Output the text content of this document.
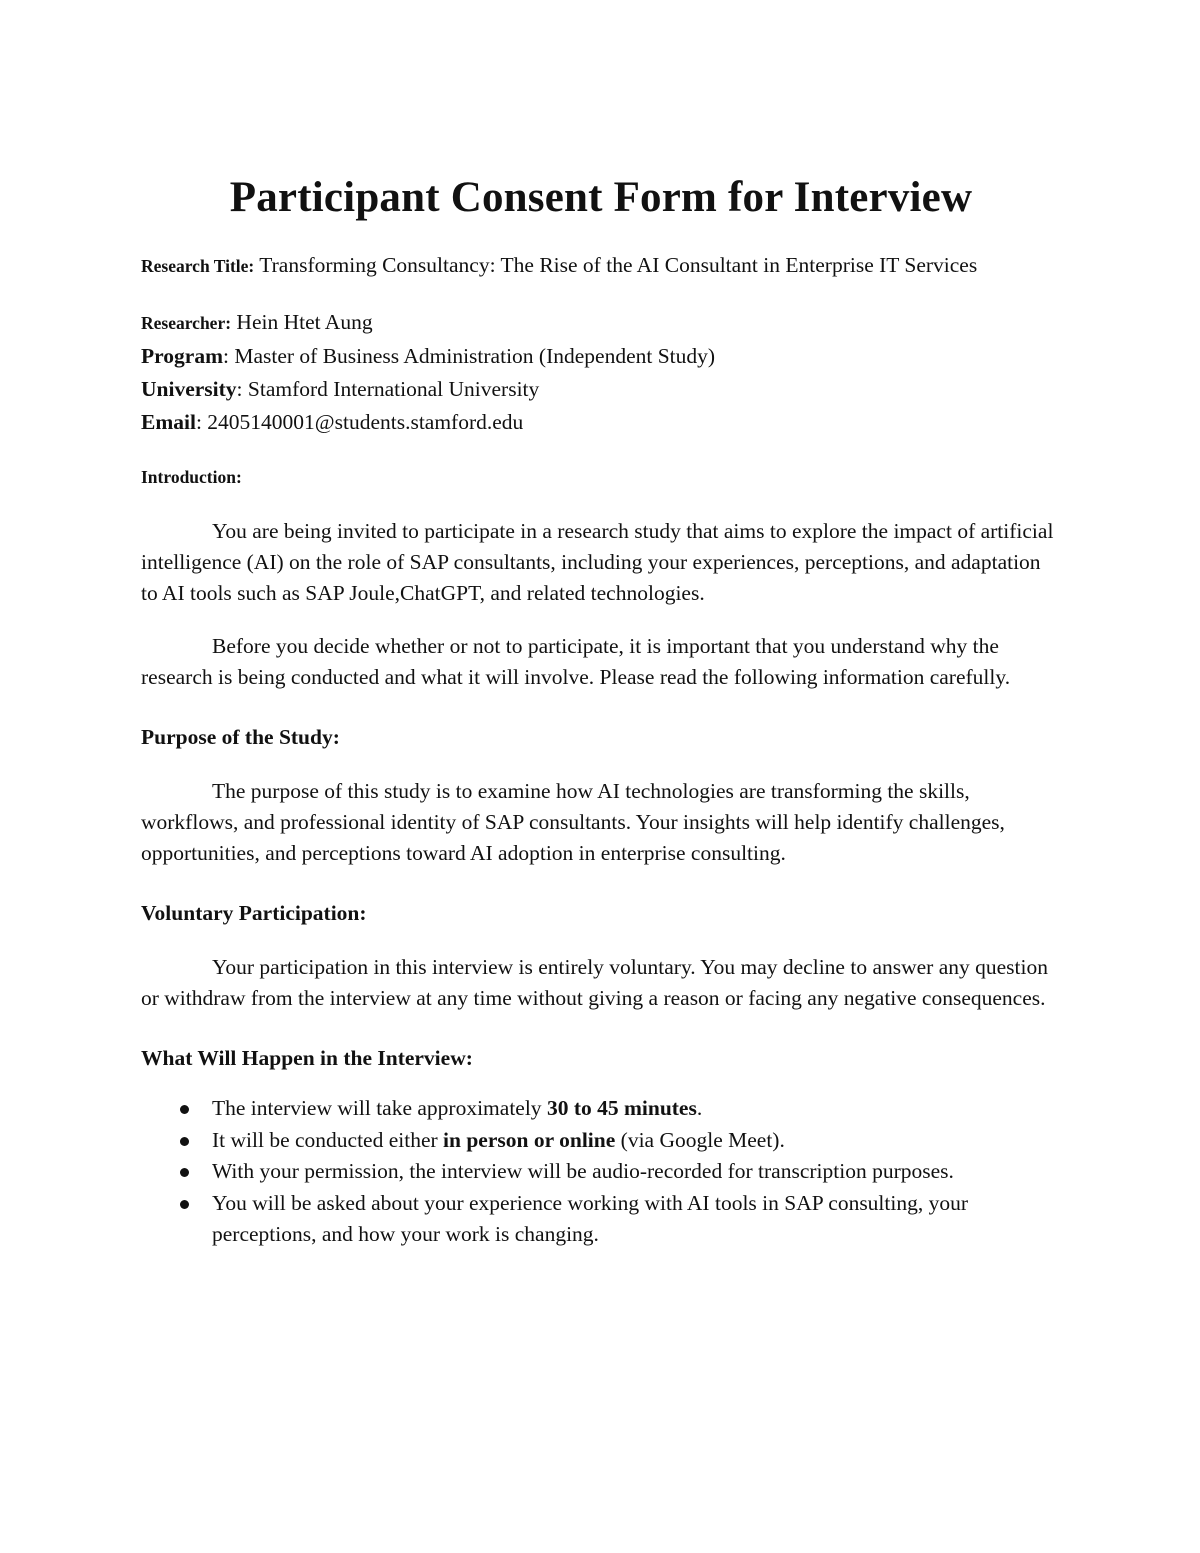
Participant Consent Form for Interview
Research Title: Transforming Consultancy: The Rise of the AI Consultant in Enterprise IT Services
Researcher: Hein Htet Aung
Program: Master of Business Administration (Independent Study)
University: Stamford International University
Email: 2405140001@students.stamford.edu
Introduction:

You are being invited to participate in a research study that aims to explore the impact of artificial intelligence (AI) on the role of SAP consultants, including your experiences, perceptions, and adaptation to AI tools such as SAP Joule,ChatGPT, and related technologies.

Before you decide whether or not to participate, it is important that you understand why the research is being conducted and what it will involve. Please read the following information carefully.

Purpose of the Study:

The purpose of this study is to examine how AI technologies are transforming the skills, workflows, and professional identity of SAP consultants. Your insights will help identify challenges, opportunities, and perceptions toward AI adoption in enterprise consulting.

Voluntary Participation:

Your participation in this interview is entirely voluntary. You may decline to answer any question or withdraw from the interview at any time without giving a reason or facing any negative consequences.

What Will Happen in the Interview:
The interview will take approximately 30 to 45 minutes.
It will be conducted either in person or online (via Google Meet).
With your permission, the interview will be audio-recorded for transcription purposes.
You will be asked about your experience working with AI tools in SAP consulting, your perceptions, and how your work is changing.
